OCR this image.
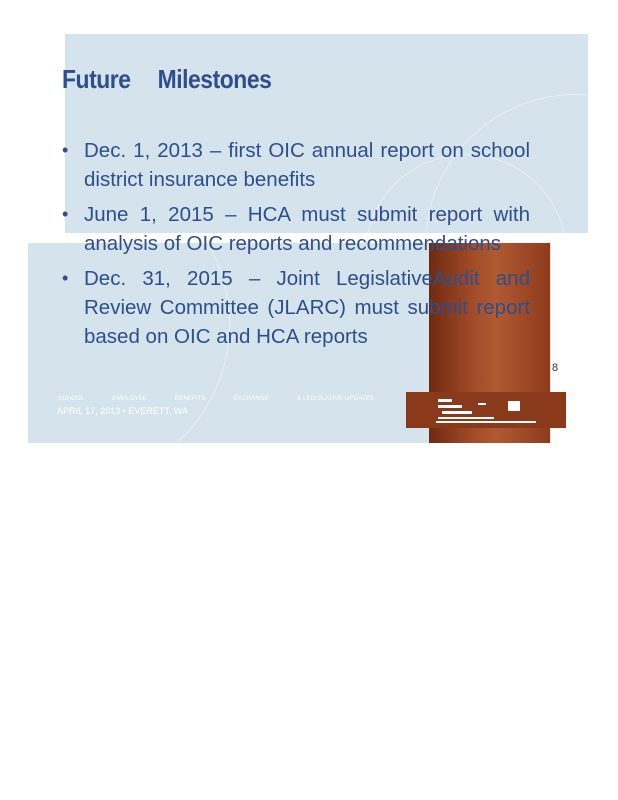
Future Milestones
• Dec. 1, 2013 – first OIC annual report on school district insurance benefits
• June 1, 2015 – HCA must submit report with analysis of OIC reports and recommendations
• Dec. 31, 2015 – Joint LegislativeAudit and Review Committee (JLARC) must submit report based on OIC and HCA reports
8
SCHOOL	EMPLOYEE	BENEFITS	EXCHANGE	& LEGISLATIVE UPDATES
APRIL 17, 2013 • EVERETT, WA
